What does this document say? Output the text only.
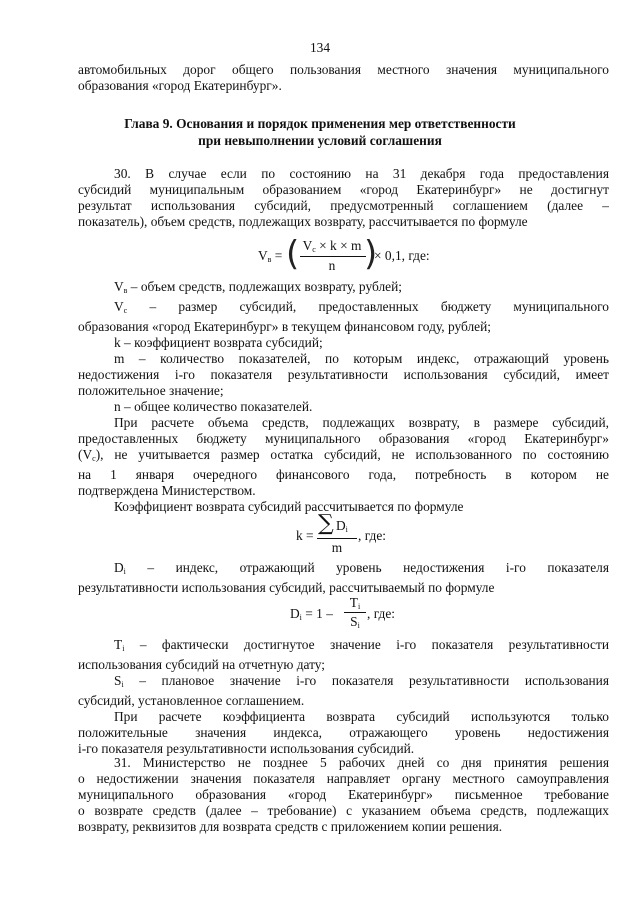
134
автомобильных дорог общего пользования местного значения муниципального
образования «город Екатеринбург».
Глава 9. Основания и порядок применения мер ответственности
при невыполнении условий соглашения
30. В случае если по состоянию на 31 декабря года предоставления
субсидий муниципальным образованием «город Екатеринбург» не достигнут
результат использования субсидий, предусмотренный соглашением (далее –
показатель), объем средств, подлежащих возврату, рассчитывается по формуле
$V_в$ = ( $V_с \times k \times m$
n )
× 0,1, где:
$V_в$ – объем средств, подлежащих возврату, рублей;
$V_с$ – размер субсидий, предоставленных бюджету муниципального
образования «город Екатеринбург» в текущем финансовом году, рублей;
k – коэффициент возврата субсидий;
m – количество показателей, по которым индекс, отражающий уровень
недостижения i-го показателя результативности использования субсидий, имеет
положительное значение;
n – общее количество показателей.
При расчете объема средств, подлежащих возврату, в размере субсидий,
предоставленных бюджету муниципального образования «город Екатеринбург»
$(V_с)$, не учитывается размер остатка субсидий, не использованного по состоянию
на 1 января очередного финансового года, потребность в котором не
подтверждена Министерством.
Коэффициент возврата субсидий рассчитывается по формуле
k = ∑ $D_i$
m
, где:
$D_i$ – индекс, отражающий уровень недостижения i-го показателя
результативности использования субсидий, рассчитываемый по формуле
$D_i = 1$ –
$T_i$
$S_i$
, где:
$T_i$ – фактически достигнутое значение i-го показателя результативности
использования субсидий на отчетную дату;
$S_i$ – плановое значение i-го показателя результативности использования
субсидий, установленное соглашением.
При расчете коэффициента возврата субсидий используются только
положительные значения индекса, отражающего уровень недостижения
i-го показателя результативности использования субсидий.
31. Министерство не позднее 5 рабочих дней со дня принятия решения
о недостижении значения показателя направляет органу местного самоуправления
муниципального образования «город Екатеринбург» письменное требование
о возврате средств (далее – требование) с указанием объема средств, подлежащих
возврату, реквизитов для возврата средств с приложением копии решения.
